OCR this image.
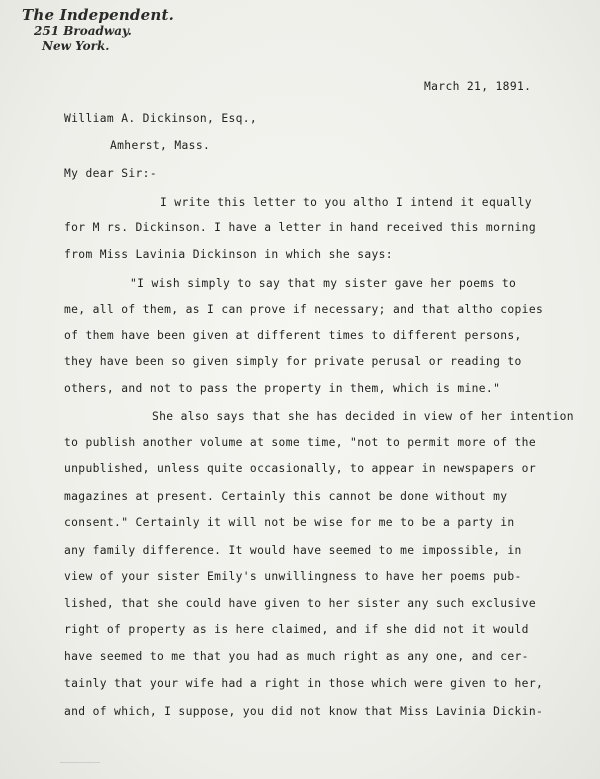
The Independent.
251 Broadway.
New York.
March 21, 1891.
William A. Dickinson, Esq.,
Amherst, Mass.
My dear Sir:-
I write this letter to you altho I intend it equally
for M rs. Dickinson. I have a letter in hand received this morning
from Miss Lavinia Dickinson in which she says:
"I wish simply to say that my sister gave her poems to
me, all of them, as I can prove if necessary; and that altho copies
of them have been given at different times to different persons,
they have been so given simply for private perusal or reading to
others, and not to pass the property in them, which is mine."
She also says that she has decided in view of her intention
to publish another volume at some time, "not to permit more of the
unpublished, unless quite occasionally, to appear in newspapers or
magazines at present. Certainly this cannot be done without my
consent." Certainly it will not be wise for me to be a party in
any family difference. It would have seemed to me impossible, in
view of your sister Emily's unwillingness to have her poems pub-
lished, that she could have given to her sister any such exclusive
right of property as is here claimed, and if she did not it would
have seemed to me that you had as much right as any one, and cer-
tainly that your wife had a right in those which were given to her,
and of which, I suppose, you did not know that Miss Lavinia Dickin-
